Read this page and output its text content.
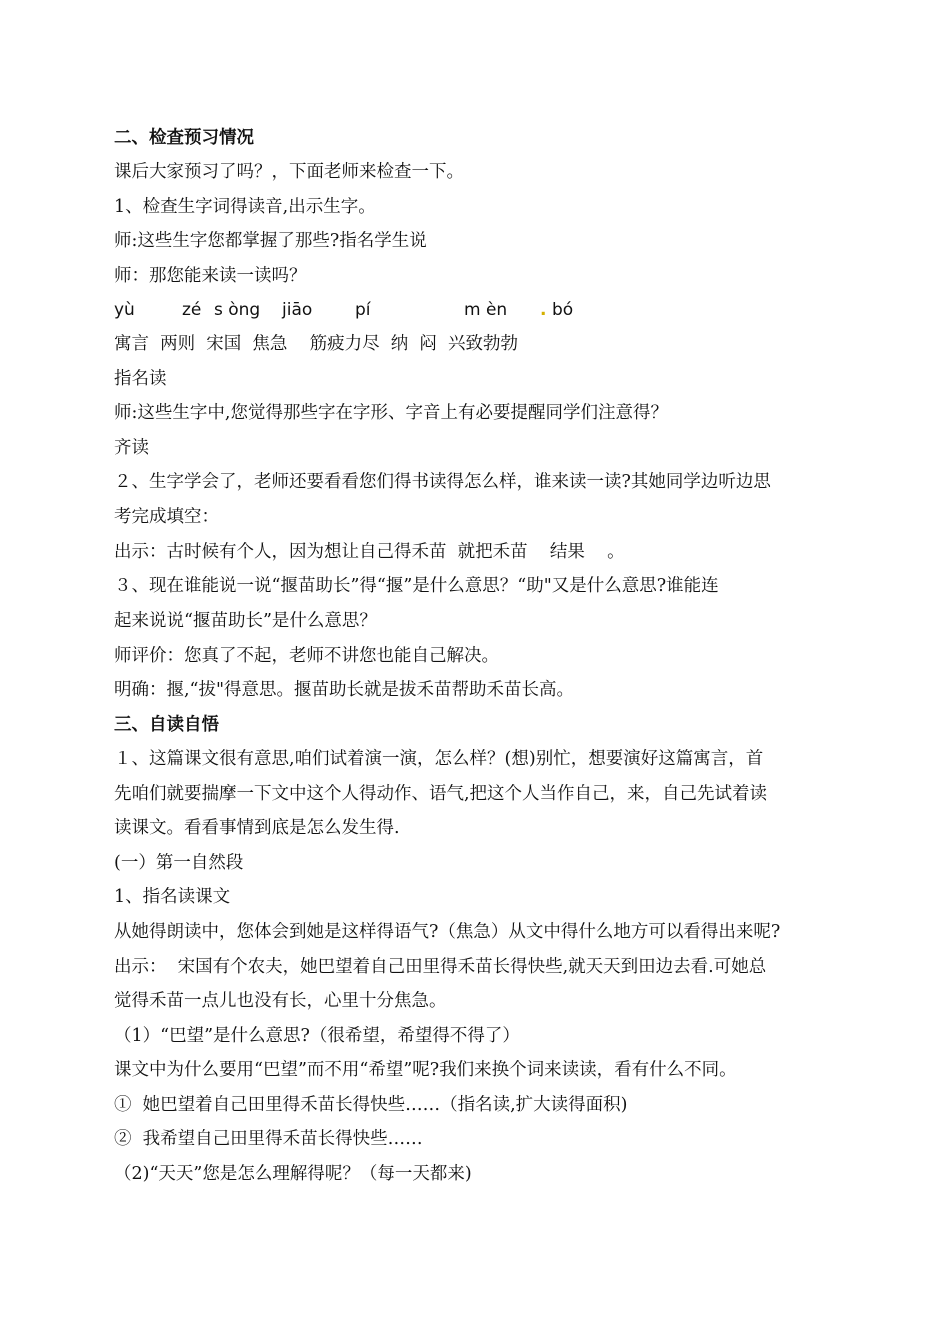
二、检查预习情况
课后大家预习了吗？，下面老师来检查一下。
1、检查生字词得读音,出示生字。
师:这些生字您都掌握了那些?指名学生说
师：那您能来读一读吗？
yù	zé s òng jiāo	pí	m èn . bó
寓言  两则  宋国  焦急    筋疲力尽  纳  闷  兴致勃勃
指名读
师:这些生字中,您觉得那些字在字形、字音上有必要提醒同学们注意得？
齐读
２、生字学会了，老师还要看看您们得书读得怎么样，谁来读一读?其她同学边听边思
考完成填空：
出示：古时候有个人，因为想让自己得禾苗  就把禾苗    结果    。
３、现在谁能说一说“揠苗助长”得“揠”是什么意思？“助"又是什么意思?谁能连
起来说说“揠苗助长”是什么意思？
师评价：您真了不起，老师不讲您也能自己解决。
明确：揠,“拔"得意思。揠苗助长就是拔禾苗帮助禾苗长高。
三、自读自悟
１、这篇课文很有意思,咱们试着演一演，怎么样？(想)别忙，想要演好这篇寓言，首
先咱们就要揣摩一下文中这个人得动作、语气,把这个人当作自己，来，自己先试着读
读课文。看看事情到底是怎么发生得.
(一）第一自然段
1、指名读课文
从她得朗读中，您体会到她是这样得语气?（焦急）从文中得什么地方可以看得出来呢?
出示：  宋国有个农夫，她巴望着自己田里得禾苗长得快些,就天天到田边去看.可她总
觉得禾苗一点儿也没有长，心里十分焦急。
（1）“巴望”是什么意思?（很希望，希望得不得了）
课文中为什么要用“巴望”而不用“希望”呢?我们来换个词来读读，看有什么不同。
①  她巴望着自己田里得禾苗长得快些……（指名读,扩大读得面积)
②  我希望自己田里得禾苗长得快些……
（2)“天天”您是怎么理解得呢？（每一天都来)
